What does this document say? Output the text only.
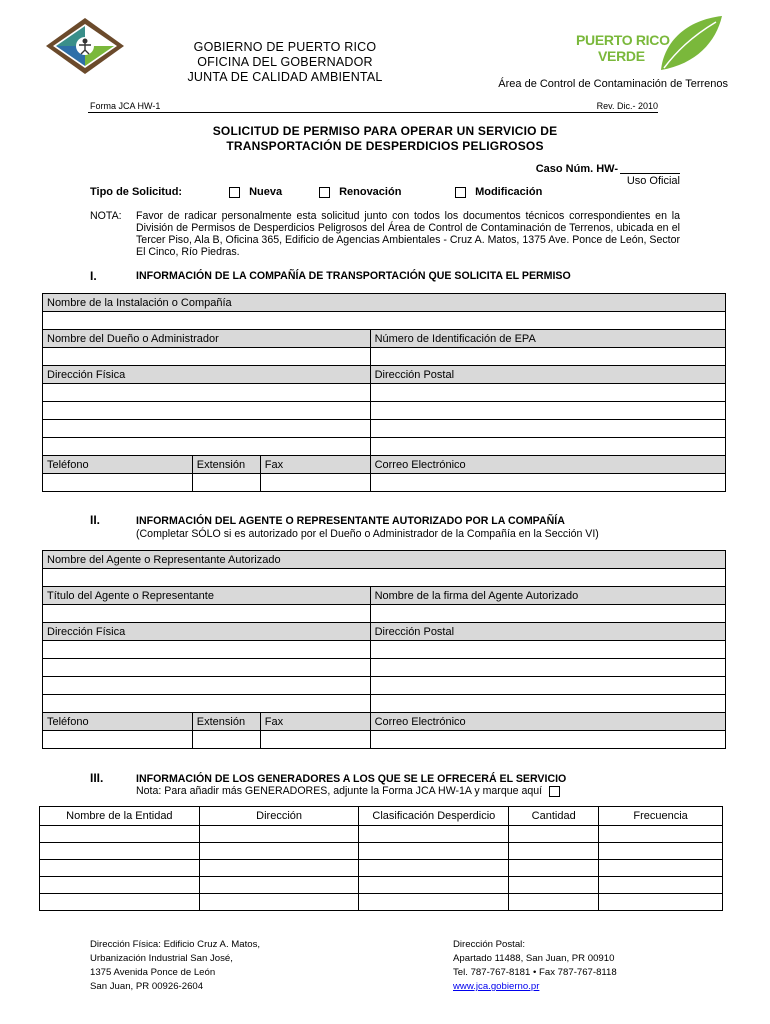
GOBIERNO DE PUERTO RICO
OFICINA DEL GOBERNADOR
JUNTA DE CALIDAD AMBIENTAL
PUERTO RICO
VERDE
Área de Control de Contaminación de Terrenos
Forma JCA HW-1	Rev. Dic.- 2010
SOLICITUD DE PERMISO PARA OPERAR UN SERVICIO DE
TRANSPORTACIÓN DE DESPERDICIOS PELIGROSOS
Caso Núm. HW-
Uso Oficial
Tipo de Solicitud:	Nueva	Renovación	Modificación
NOTA: Favor de radicar personalmente esta solicitud junto con todos los documentos técnicos correspondientes en la División de Permisos de Desperdicios Peligrosos del Área de Control de Contaminación de Terrenos, ubicada en el Tercer Piso, Ala B, Oficina 365, Edificio de Agencias Ambientales - Cruz A. Matos, 1375 Ave. Ponce de León, Sector El Cinco, Río Piedras.
I.	INFORMACIÓN DE LA COMPAÑÍA DE TRANSPORTACIÓN QUE SOLICITA EL PERMISO
Nombre de la Instalación o Compañía			

Nombre del Dueño o Administrador			Número de Identificación de EPA

Dirección Física			Dirección Postal

Teléfono	Extensión	Fax	Correo Electrónico

II.	INFORMACIÓN DEL AGENTE O REPRESENTANTE AUTORIZADO POR LA COMPAÑÍA
(Completar SÓLO si es autorizado por el Dueño o Administrador de la Compañía en la Sección VI)
Nombre del Agente o Representante Autorizado			

Título del Agente o Representante			Nombre de la firma del Agente Autorizado

Dirección Física			Dirección Postal

Teléfono	Extensión	Fax	Correo Electrónico

III.	INFORMACIÓN DE LOS GENERADORES A LOS QUE SE LE OFRECERÁ EL SERVICIO
Nota: Para añadir más GENERADORES, adjunte la Forma JCA HW-1A y marque aquí
Nombre de la Entidad	Dirección	Clasificación Desperdicio	Cantidad	Frecuencia

Dirección Física: Edificio Cruz A. Matos,
Urbanización Industrial San José,
1375 Avenida Ponce de León
San Juan, PR 00926-2604
Dirección Postal:
Apartado 11488, San Juan, PR 00910
Tel. 787-767-8181 • Fax 787-767-8118
www.jca.gobierno.pr
